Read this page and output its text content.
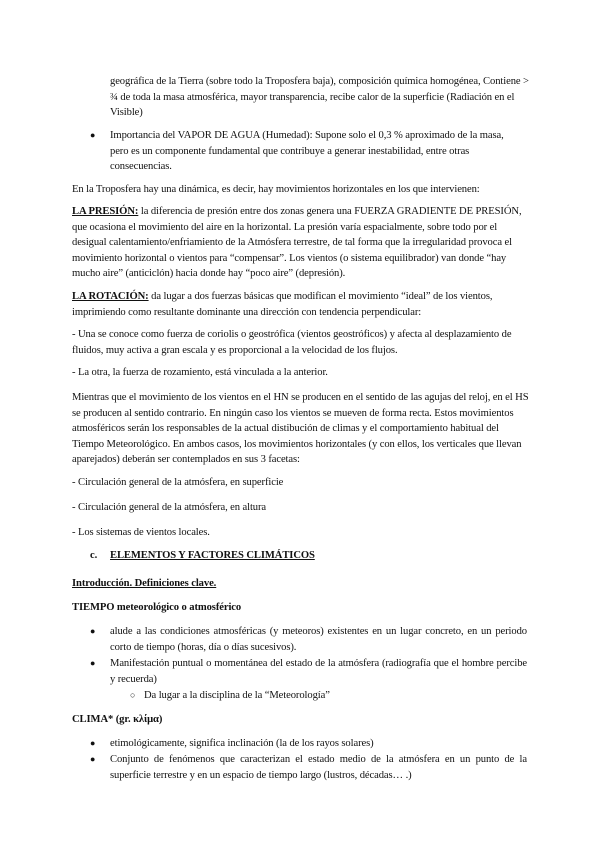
geográfica de la Tierra (sobre todo la Troposfera baja), composición química homogénea, Contiene > ¾ de toda la masa atmosférica, mayor transparencia, recibe calor de la superficie (Radiación en el Visible)

●	Importancia del VAPOR DE AGUA (Humedad): Supone solo el 0,3 % aproximado de la masa, pero es un componente fundamental que contribuye a generar inestabilidad, entre otras consecuencias.

En la Troposfera hay una dinámica, es decir, hay movimientos horizontales en los que intervienen:

LA PRESIÓN: la diferencia de presión entre dos zonas genera una FUERZA GRADIENTE DE PRESIÓN, que ocasiona el movimiento del aire en la horizontal. La presión varía espacialmente, sobre todo por el desigual calentamiento/enfriamiento de la Atmósfera terrestre, de tal forma que la irregularidad provoca el movimiento horizontal o vientos para “compensar”. Los vientos (o sistema equilibrador) van donde “hay mucho aire” (anticiclón) hacia donde hay “poco aire” (depresión).

LA ROTACIÓN: da lugar a dos fuerzas básicas que modifican el movimiento “ideal” de los vientos, imprimiendo como resultante dominante una dirección con tendencia perpendicular:

- Una se conoce como fuerza de coriolis o geostrófica (vientos geostróficos) y afecta al desplazamiento de fluidos, muy activa a gran escala y es proporcional a la velocidad de los flujos.

- La otra, la fuerza de rozamiento, está vinculada a la anterior.

Mientras que el movimiento de los vientos en el HN se producen en el sentido de las agujas del reloj, en el HS se producen al sentido contrario. En ningún caso los vientos se mueven de forma recta. Estos movimientos atmosféricos serán los responsables de la actual distibución de climas y el comportamiento habitual del Tiempo Meteorológico. En ambos casos, los movimientos horizontales (y con ellos, los verticales que llevan aparejados) deberán ser contemplados en sus 3 facetas:

- Circulación general de la atmósfera, en superficie

- Circulación general de la atmósfera, en altura

- Los sistemas de vientos locales.

c.	ELEMENTOS Y FACTORES CLIMÁTICOS

Introducción. Definiciones clave.

TIEMPO meteorológico o atmosférico

●	alude a las condiciones atmosféricas (y meteoros) existentes en un lugar concreto, en un periodo corto de tiempo (horas, día o días sucesivos).

●	Manifestación puntual o momentánea del estado de la atmósfera (radiografía que el hombre percibe y recuerda)

○ Da lugar a la disciplina de la “Meteorología”

CLIMA* (gr. κλίμα)

●	etimológicamente, significa inclinación (la de los rayos solares)

●	Conjunto de fenómenos que caracterizan el estado medio de la atmósfera en un punto de la superficie terrestre y en un espacio de tiempo largo (lustros, décadas… .)
